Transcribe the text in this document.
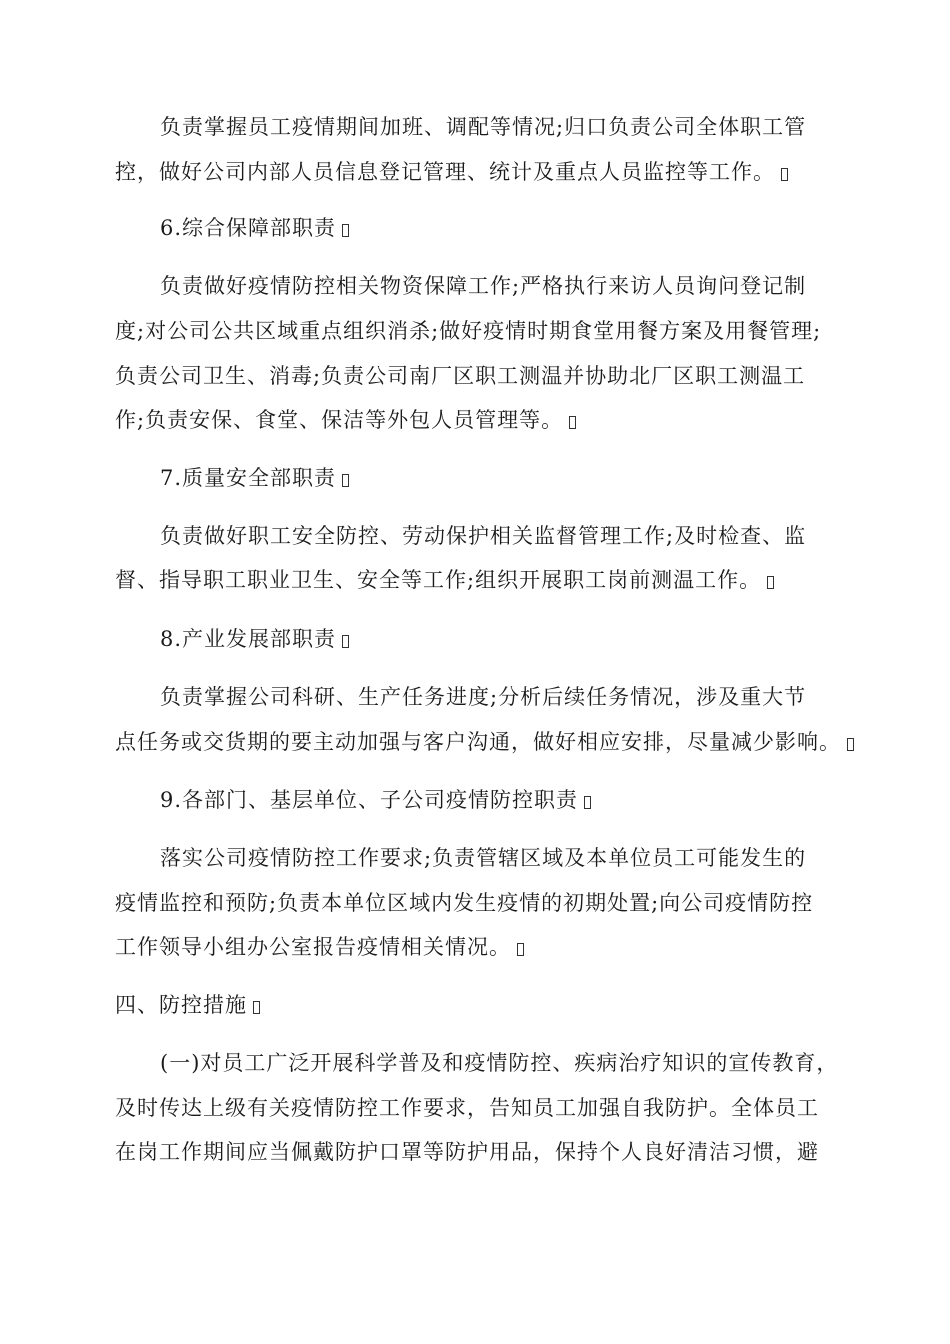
负责掌握员工疫情期间加班、调配等情况;归口负责公司全体职工管
控，做好公司内部人员信息登记管理、统计及重点人员监控等工作。
6.综合保障部职责
负责做好疫情防控相关物资保障工作;严格执行来访人员询问登记制
度;对公司公共区域重点组织消杀;做好疫情时期食堂用餐方案及用餐管理;
负责公司卫生、消毒;负责公司南厂区职工测温并协助北厂区职工测温工
作;负责安保、食堂、保洁等外包人员管理等。
7.质量安全部职责
负责做好职工安全防控、劳动保护相关监督管理工作;及时检查、监
督、指导职工职业卫生、安全等工作;组织开展职工岗前测温工作。
8.产业发展部职责
负责掌握公司科研、生产任务进度;分析后续任务情况，涉及重大节
点任务或交货期的要主动加强与客户沟通，做好相应安排，尽量减少影响。
9.各部门、基层单位、子公司疫情防控职责
落实公司疫情防控工作要求;负责管辖区域及本单位员工可能发生的
疫情监控和预防;负责本单位区域内发生疫情的初期处置;向公司疫情防控
工作领导小组办公室报告疫情相关情况。
四、防控措施
(一)对员工广泛开展科学普及和疫情防控、疾病治疗知识的宣传教育，
及时传达上级有关疫情防控工作要求，告知员工加强自我防护。全体员工
在岗工作期间应当佩戴防护口罩等防护用品，保持个人良好清洁习惯，避
